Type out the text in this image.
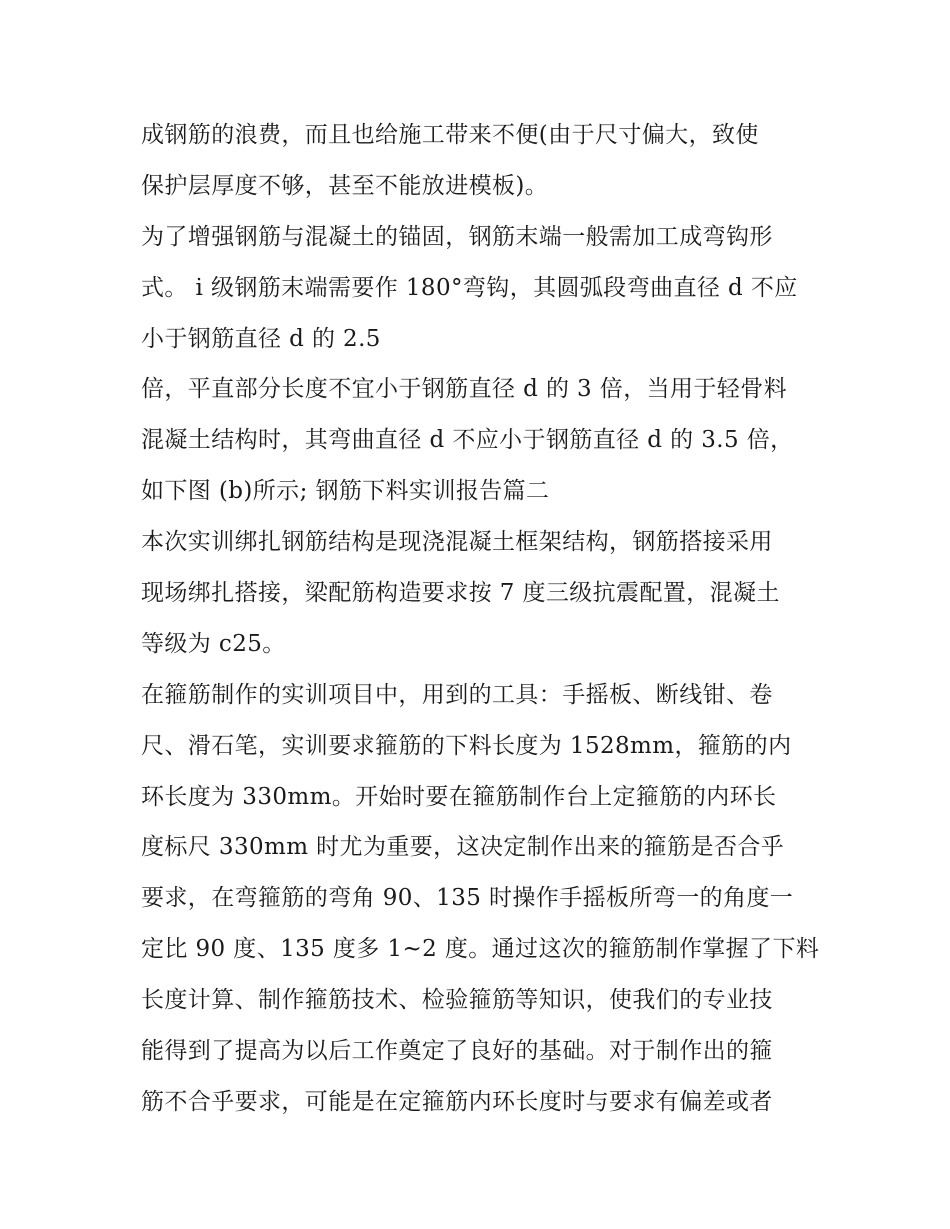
成钢筋的浪费，而且也给施工带来不便(由于尺寸偏大，致使
保护层厚度不够，甚至不能放进模板)。
为了增强钢筋与混凝土的锚固，钢筋末端一般需加工成弯钩形
式。 i 级钢筋末端需要作 180°弯钩，其圆弧段弯曲直径 d 不应
小于钢筋直径 d 的 2.5
倍，平直部分长度不宜小于钢筋直径 d 的 3 倍，当用于轻骨料
混凝土结构时，其弯曲直径 d 不应小于钢筋直径 d 的 3.5 倍，
如下图 (b)所示; 钢筋下料实训报告篇二
本次实训绑扎钢筋结构是现浇混凝土框架结构，钢筋搭接采用
现场绑扎搭接，梁配筋构造要求按 7 度三级抗震配置，混凝土
等级为 c25。
在箍筋制作的实训项目中，用到的工具：手摇板、断线钳、卷
尺、滑石笔，实训要求箍筋的下料长度为 1528mm，箍筋的内
环长度为 330mm。开始时要在箍筋制作台上定箍筋的内环长
度标尺 330mm 时尤为重要，这决定制作出来的箍筋是否合乎
要求，在弯箍筋的弯角 90、135 时操作手摇板所弯一的角度一
定比 90 度、135 度多 1~2 度。通过这次的箍筋制作掌握了下料
长度计算、制作箍筋技术、检验箍筋等知识，使我们的专业技
能得到了提高为以后工作奠定了良好的基础。对于制作出的箍
筋不合乎要求，可能是在定箍筋内环长度时与要求有偏差或者
